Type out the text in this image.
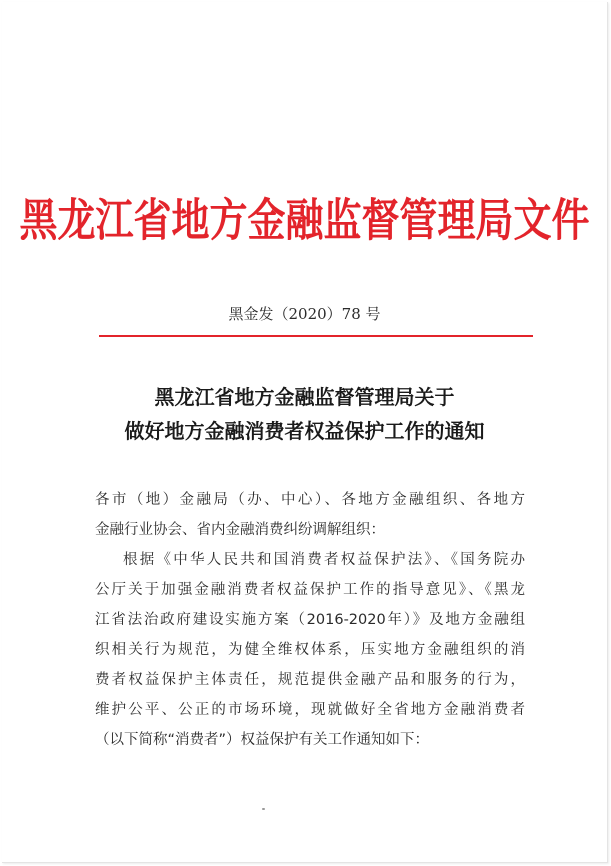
黑龙江省地方金融监督管理局文件
黑金发（2020）78 号
黑龙江省地方金融监督管理局关于
做好地方金融消费者权益保护工作的通知
各市（地）金融局（办、中心）、各地方金融组织、各地方
金融行业协会、省内金融消费纠纷调解组织：
根据《中华人民共和国消费者权益保护法》、《国务院办
公厅关于加强金融消费者权益保护工作的指导意见》、《黑龙
江省法治政府建设实施方案（2016-2020年）》及地方金融组
织相关行为规范，为健全维权体系，压实地方金融组织的消
费者权益保护主体责任，规范提供金融产品和服务的行为，
维护公平、公正的市场环境，现就做好全省地方金融消费者
（以下简称“消费者”）权益保护有关工作通知如下：
